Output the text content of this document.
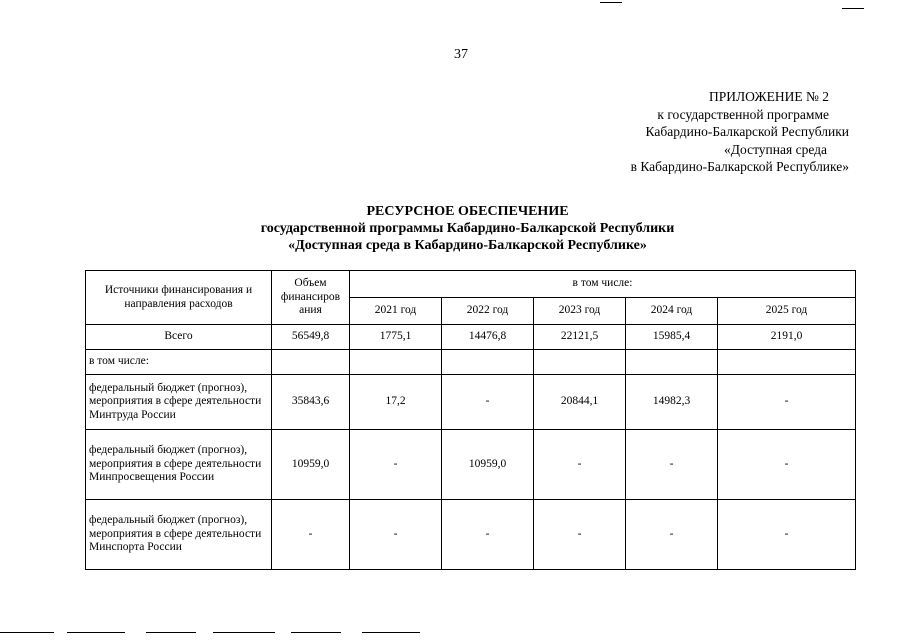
37
ПРИЛОЖЕНИЕ № 2
к государственной программе
Кабардино-Балкарской Республики
«Доступная среда
в Кабардино-Балкарской Республике»
РЕСУРСНОЕ ОБЕСПЕЧЕНИЕ
государственной программы Кабардино-Балкарской Республики
«Доступная среда в Кабардино-Балкарской Республике»
Источники финансирования и направления расходов	Объем финансиров ания	в том числе:				
		2021 год	2022 год	2023 год	2024 год	2025 год
Всего	56549,8	1775,1	14476,8	22121,5	15985,4	2191,0
в том числе:						
федеральный бюджет (прогноз), мероприятия в сфере деятельности Минтруда России	35843,6	17,2	-	20844,1	14982,3	-
федеральный бюджет (прогноз), мероприятия в сфере деятельности Минпросвещения России	10959,0	-	10959,0	-	-	-
федеральный бюджет (прогноз), мероприятия в сфере деятельности Минспорта России	-	-	-	-	-	-
